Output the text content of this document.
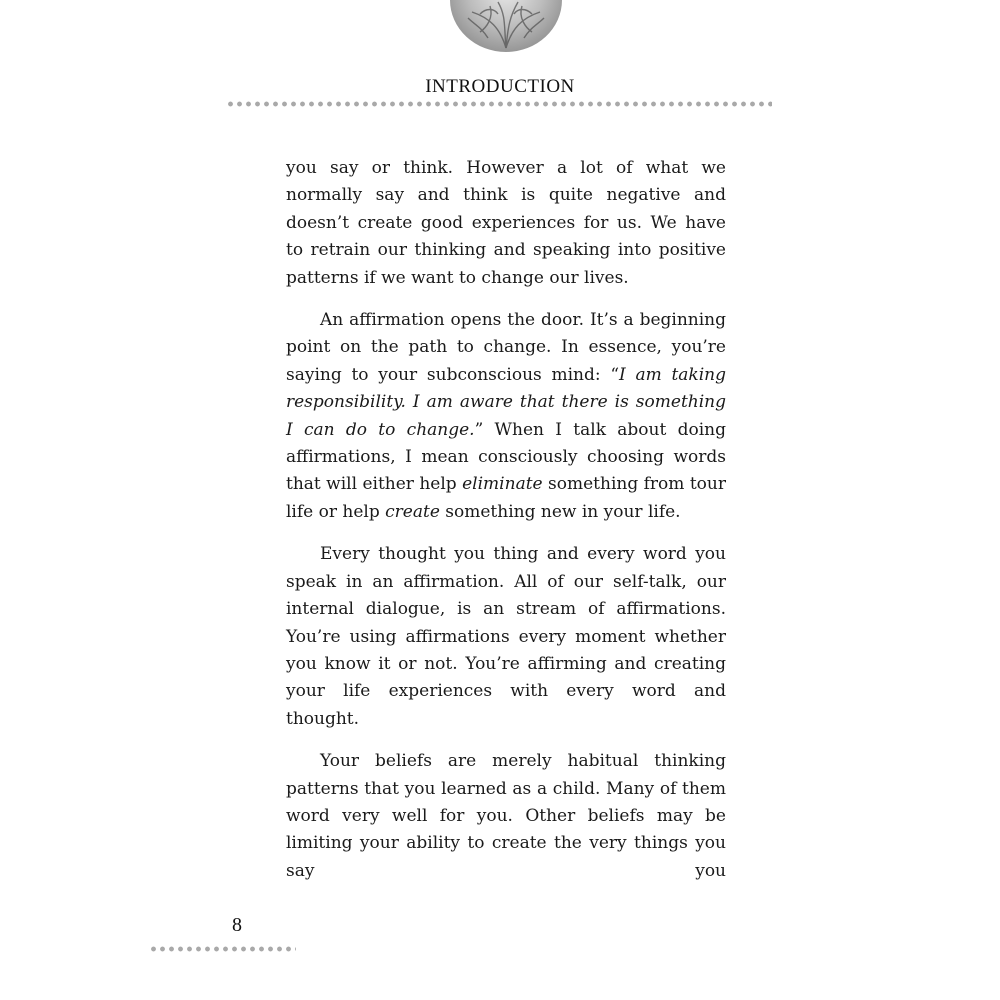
INTRODUCTION

you say or think. However a lot of what we normally say and think is quite negative and doesn’t create good experiences for us. We have to retrain our thinking and speaking into positive patterns if we want to change our lives.

An affirmation opens the door. It’s a beginning point on the path to change. In essence, you’re saying to your subconscious mind: “I am taking responsibility. I am aware that there is something I can do to change.” When I talk about doing affirmations, I mean consciously choosing words that will either help eliminate something from tour life or help create something new in your life.

Every thought you thing and every word you speak in an affirmation. All of our self-talk, our internal dialogue, is an stream of affirmations. You’re using affirmations every moment whether you know it or not. You’re affirming and creating your life experiences with every word and thought.

Your beliefs are merely habitual thinking patterns that you learned as a child. Many of them word very well for you. Other beliefs may be limiting your ability to create the very things you say you

8
